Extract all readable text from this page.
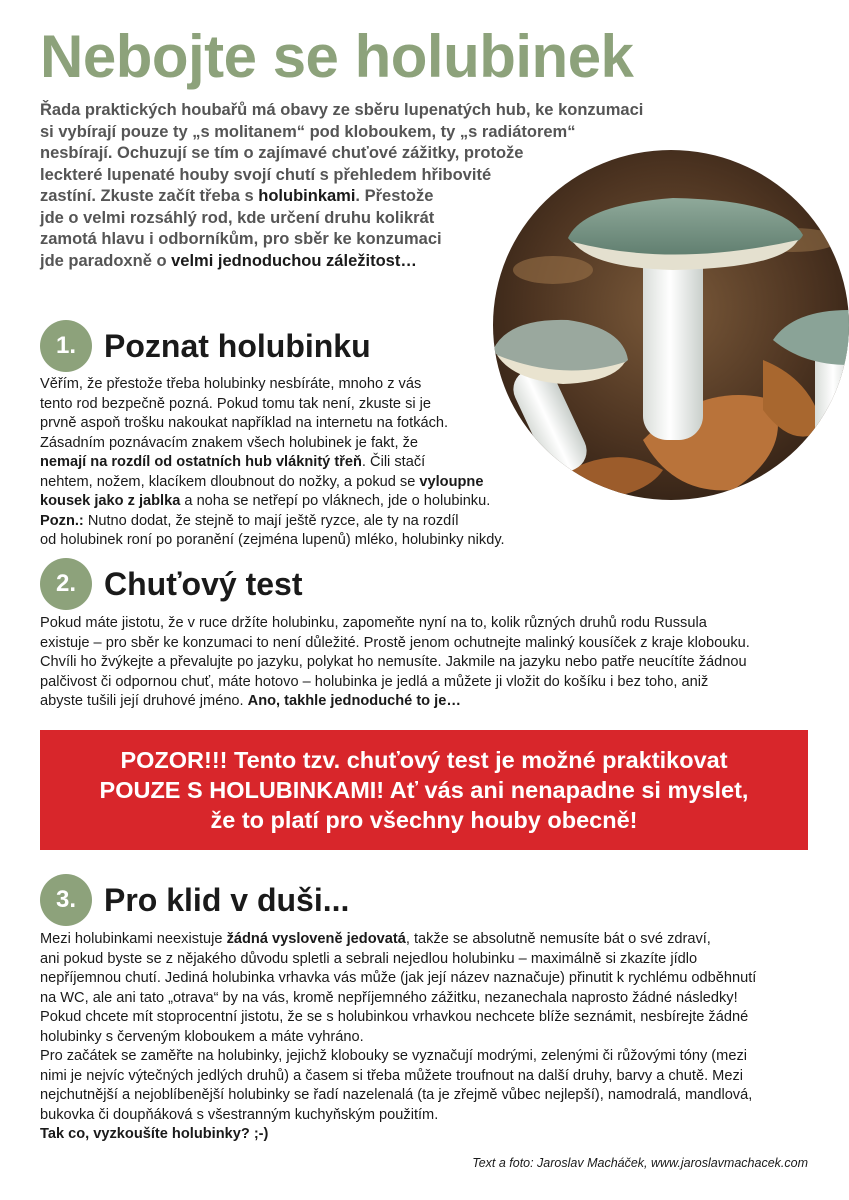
Nebojte se holubinek
Řada praktických houbařů má obavy ze sběru lupenatých hub, ke konzumaci
si vybírají pouze ty „s molitanem“ pod kloboukem, ty „s radiátorem“
nesbírají. Ochuzují se tím o zajímavé chuťové zážitky, protože
leckteré lupenaté houby svojí chutí s přehledem hřibovité
zastíní. Zkuste začít třeba s holubinkami. Přestože
jde o velmi rozsáhlý rod, kde určení druhu kolikrát
zamotá hlavu i odborníkům, pro sběr ke konzumaci
jde paradoxně o velmi jednoduchou záležitost…
1. Poznat holubinku
Věřím, že přestože třeba holubinky nesbíráte, mnoho z vás
tento rod bezpečně pozná. Pokud tomu tak není, zkuste si je
prvně aspoň trošku nakoukat například na internetu na fotkách.
Zásadním poznávacím znakem všech holubinek je fakt, že
nemají na rozdíl od ostatních hub vláknitý třeň. Čili stačí
nehtem, nožem, klacíkem dloubnout do nožky, a pokud se vyloupne
kousek jako z jablka a noha se netřepí po vláknech, jde o holubinku.
Pozn.: Nutno dodat, že stejně to mají ještě ryzce, ale ty na rozdíl
od holubinek roní po poranění (zejména lupenů) mléko, holubinky nikdy.
2. Chuťový test
Pokud máte jistotu, že v ruce držíte holubinku, zapomeňte nyní na to, kolik různých druhů rodu Russula
existuje – pro sběr ke konzumaci to není důležité. Prostě jenom ochutnejte malinký kousíček z kraje klobouku.
Chvíli ho žvýkejte a převalujte po jazyku, polykat ho nemusíte. Jakmile na jazyku nebo patře neucítíte žádnou
palčivost či odpornou chuť, máte hotovo – holubinka je jedlá a můžete ji vložit do košíku i bez toho, aniž
abyste tušili její druhové jméno. Ano, takhle jednoduché to je…
POZOR!!! Tento tzv. chuťový test je možné praktikovat
POUZE S HOLUBINKAMI! Ať vás ani nenapadne si myslet,
že to platí pro všechny houby obecně!
3. Pro klid v duši...
Mezi holubinkami neexistuje žádná vysloveně jedovatá, takže se absolutně nemusíte bát o své zdraví,
ani pokud byste se z nějakého důvodu spletli a sebrali nejedlou holubinku – maximálně si zkazíte jídlo
nepříjemnou chutí. Jediná holubinka vrhavka vás může (jak její název naznačuje) přinutit k rychlému odběhnutí
na WC, ale ani tato „otrava“ by na vás, kromě nepříjemného zážitku, nezanechala naprosto žádné následky!
Pokud chcete mít stoprocentní jistotu, že se s holubinkou vrhavkou nechcete blíže seznámit, nesbírejte žádné
holubinky s červeným kloboukem a máte vyhráno.
Pro začátek se zaměřte na holubinky, jejichž klobouky se vyznačují modrými, zelenými či růžovými tóny (mezi
nimi je nejvíc výtečných jedlých druhů) a časem si třeba můžete troufnout na další druhy, barvy a chutě. Mezi
nejchutnější a nejoblíbenější holubinky se řadí nazelenalá (ta je zřejmě vůbec nejlepší), namodralá, mandlová,
bukovka či doupňáková s všestranným kuchyňským použitím.
Tak co, vyzkoušíte holubinky? ;-)
Text a foto: Jaroslav Macháček, www.jaroslavmachacek.com
